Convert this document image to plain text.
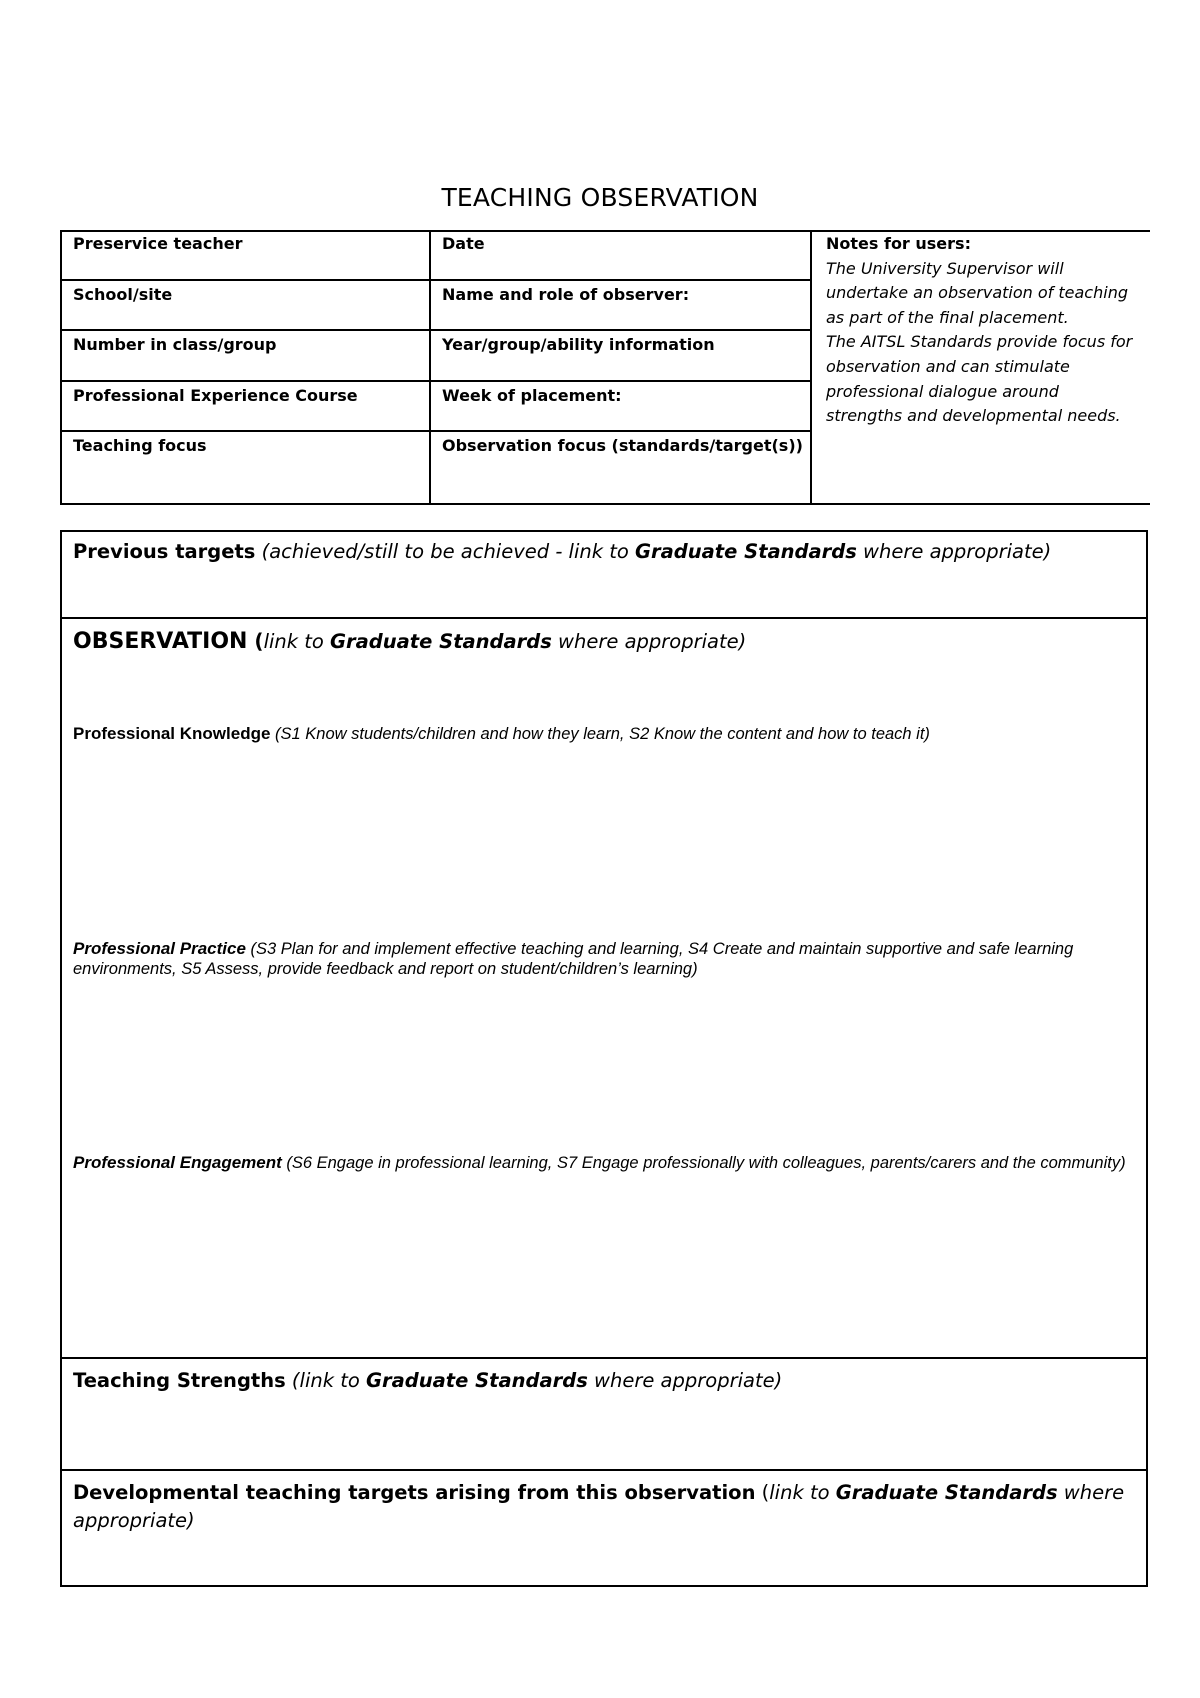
TEACHING OBSERVATION
Preservice teacher	Date
School/site	Name and role of observer:
Number in class/group	Year/group/ability information
Professional Experience Course	Week of placement:
Teaching focus	Observation focus (standards/target(s))
Notes for users:
The University Supervisor will
undertake an observation of teaching
as part of the final placement.
The AITSL Standards provide focus for
observation and can stimulate
professional dialogue around
strengths and developmental needs.
Previous targets (achieved/still to be achieved - link to Graduate Standards where appropriate)
OBSERVATION (link to Graduate Standards where appropriate)
Professional Knowledge (S1 Know students/children and how they learn, S2 Know the content and how to teach it)
Professional Practice (S3 Plan for and implement effective teaching and learning, S4 Create and maintain supportive and safe learning environments, S5 Assess, provide feedback and report on student/children’s learning)
Professional Engagement (S6 Engage in professional learning, S7 Engage professionally with colleagues, parents/carers and the community)
Teaching Strengths (link to Graduate Standards where appropriate)
Developmental teaching targets arising from this observation (link to Graduate Standards where appropriate)
